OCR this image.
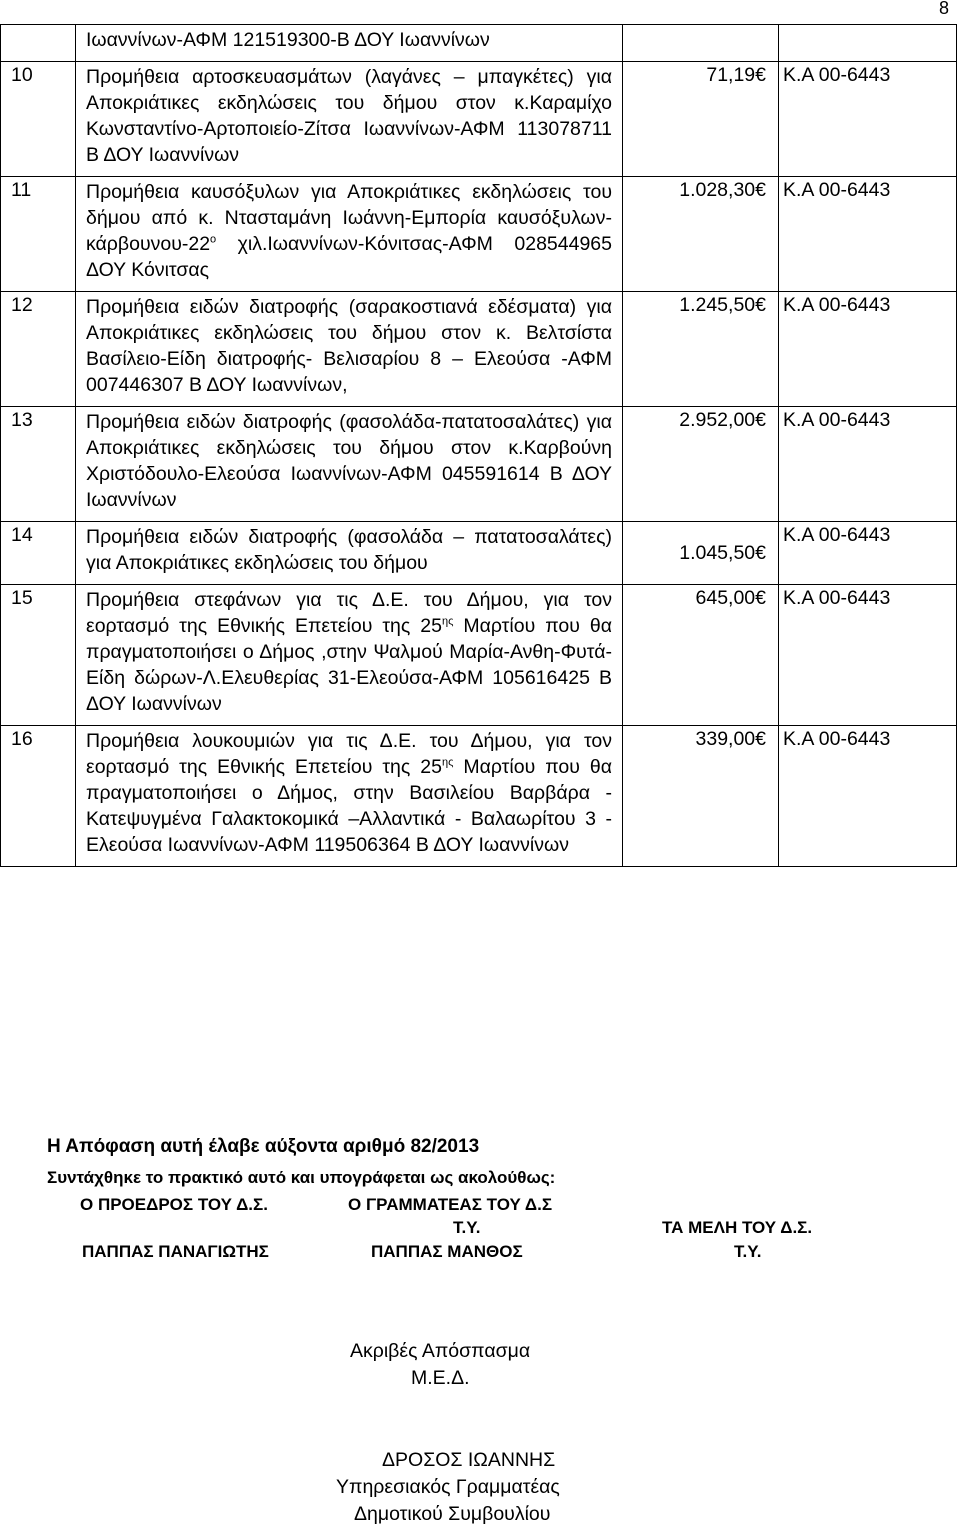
8
	Ιωαννίνων-ΑΦΜ 121519300-Β ΔΟΥ Ιωαννίνων		
10	Προμήθεια αρτοσκευασμάτων (λαγάνες – μπαγκέτες) για Αποκριάτικες εκδηλώσεις του δήμου στον κ.Καραμίχο Κωνσταντίνο-Αρτοποιείο-Ζίτσα Ιωαννίνων-ΑΦΜ 113078711 Β ΔΟΥ Ιωαννίνων	71,19€	Κ.Α 00-6443
11	Προμήθεια καυσόξυλων για Αποκριάτικες εκδηλώσεις του δήμου από κ. Ντασταμάνη Ιωάννη-Εμπορία καυσόξυλων-$\kappa ά\rho\beta o\upsilon\nu o\upsilon-22^o$ χιλ.Ιωαννίνων-Κόνιτσας-ΑΦΜ 028544965 ΔΟΥ Κόνιτσας	1.028,30€	Κ.Α 00-6443
12	Προμήθεια ειδών διατροφής (σαρακοστιανά εδέσματα) για Αποκριάτικες εκδηλώσεις του δήμου στον κ. Βελτσίστα Βασίλειο-Είδη διατροφής- Βελισαρίου 8 – Ελεούσα -ΑΦΜ 007446307 Β ΔΟΥ Ιωαννίνων,	1.245,50€	Κ.Α 00-6443
13	Προμήθεια ειδών διατροφής (φασολάδα-πατατοσαλάτες) για Αποκριάτικες εκδηλώσεις του δήμου στον κ.Καρβούνη Χριστόδουλο-Ελεούσα Ιωαννίνων-ΑΦΜ 045591614 Β ΔΟΥ Ιωαννίνων	2.952,00€	Κ.Α 00-6443
14	Προμήθεια ειδών διατροφής (φασολάδα – πατατοσαλάτες) για Αποκριάτικες εκδηλώσεις του δήμου	1.045,50€	Κ.Α 00-6443
15	Προμήθεια στεφάνων για τις Δ.Ε. του Δήμου, για τον εορτασμό της Εθνικής Επετείου της $25^{\eta\varsigma}$ Μαρτίου που θα πραγματοποιήσει ο Δήμος ,στην Ψαλμού Μαρία-Ανθη-Φυτά-Είδη δώρων-Λ.Ελευθερίας 31-Ελεούσα-ΑΦΜ 105616425 Β ΔΟΥ Ιωαννίνων	645,00€	Κ.Α 00-6443
16	Προμήθεια λουκουμιών για τις Δ.Ε. του Δήμου, για τον εορτασμό της Εθνικής Επετείου της $25^{\eta\varsigma}$ Μαρτίου που θα πραγματοποιήσει ο Δήμος, στην Βασιλείου Βαρβάρα - Κατεψυγμένα Γαλακτοκομικά –Αλλαντικά - Βαλαωρίτου 3 - Ελεούσα Ιωαννίνων-ΑΦΜ 119506364 Β ΔΟΥ Ιωαννίνων	339,00€	Κ.Α 00-6443
Η Απόφαση αυτή έλαβε αύξοντα αριθμό 82/2013
Συντάχθηκε το πρακτικό αυτό και υπογράφεται ως ακολούθως:
Ο ΠΡΟΕΔΡΟΣ ΤΟΥ Δ.Σ.	Ο ΓΡΑΜΜΑΤΕΑΣ ΤΟΥ Δ.Σ
Τ.Υ.	ΤΑ ΜΕΛΗ ΤΟΥ Δ.Σ.
ΠΑΠΠΑΣ ΠΑΝΑΓΙΩΤΗΣ	ΠΑΠΠΑΣ ΜΑΝΘΟΣ	Τ.Υ.
Ακριβές Απόσπασμα
Μ.Ε.Δ.
ΔΡΟΣΟΣ ΙΩΑΝΝΗΣ
Υπηρεσιακός Γραμματέας
Δημοτικού Συμβουλίου
